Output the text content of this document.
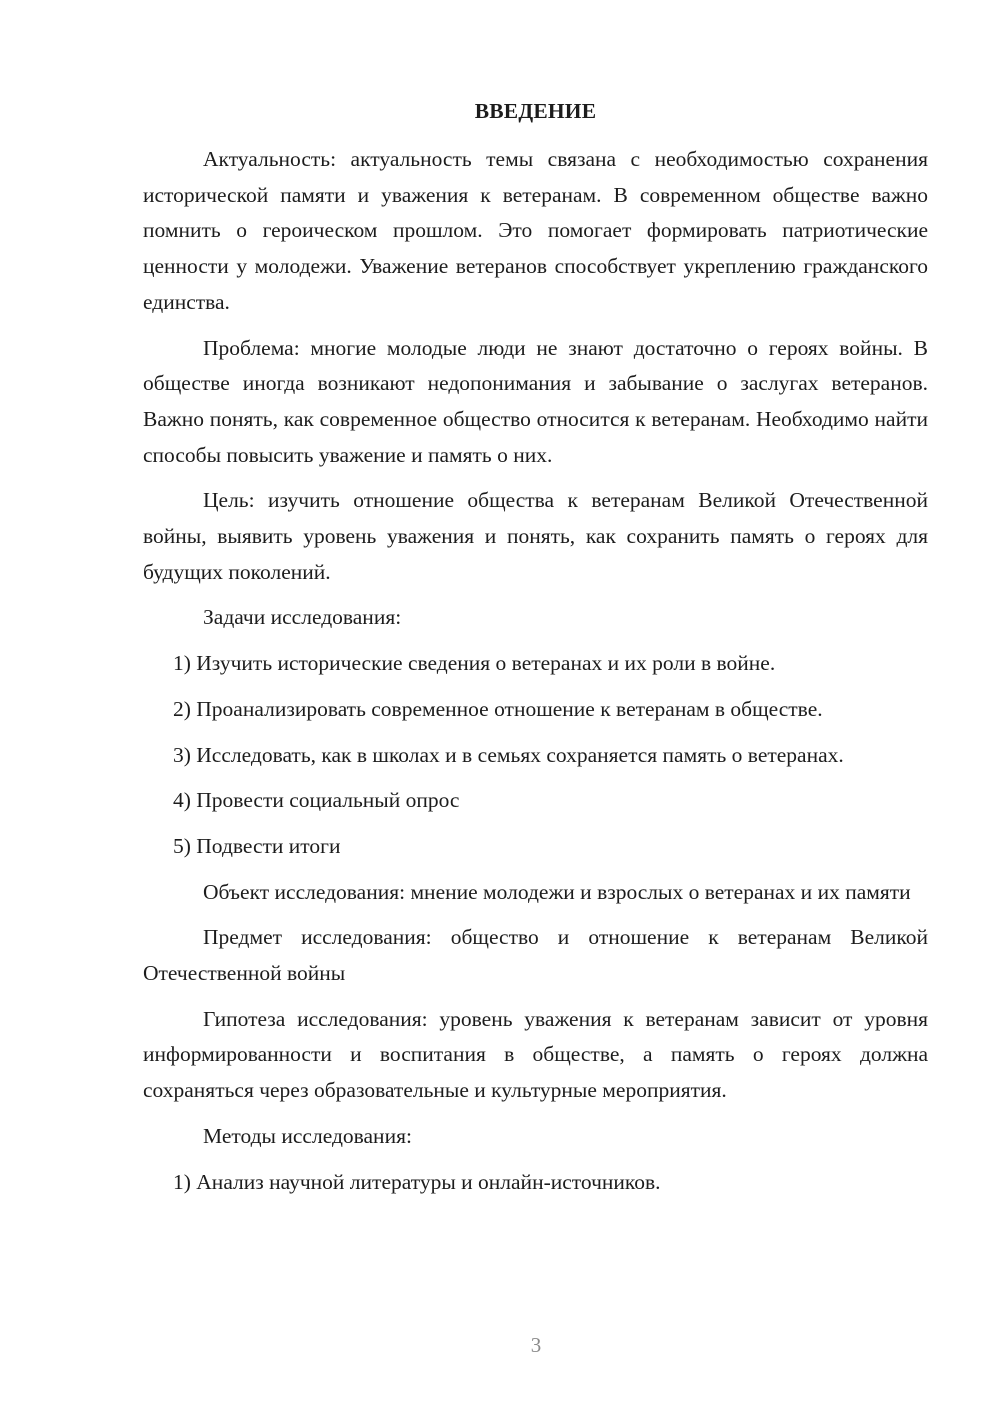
ВВЕДЕНИЕ

Актуальность: актуальность темы связана с необходимостью сохранения исторической памяти и уважения к ветеранам. В современном обществе важно помнить о героическом прошлом. Это помогает формировать патриотические ценности у молодежи. Уважение ветеранов способствует укреплению гражданского единства.

Проблема: многие молодые люди не знают достаточно о героях войны. В обществе иногда возникают недопонимания и забывание о заслугах ветеранов. Важно понять, как современное общество относится к ветеранам. Необходимо найти способы повысить уважение и память о них.

Цель: изучить отношение общества к ветеранам Великой Отечественной войны, выявить уровень уважения и понять, как сохранить память о героях для будущих поколений.

Задачи исследования:

1) Изучить исторические сведения о ветеранах и их роли в войне.

2) Проанализировать современное отношение к ветеранам в обществе.

3) Исследовать, как в школах и в семьях сохраняется память о ветеранах.

4) Провести социальный опрос

5) Подвести итоги

Объект исследования: мнение молодежи и взрослых о ветеранах и их памяти

Предмет исследования: общество и отношение к ветеранам Великой Отечественной войны

Гипотеза исследования: уровень уважения к ветеранам зависит от уровня информированности и воспитания в обществе, а память о героях должна сохраняться через образовательные и культурные мероприятия.

Методы исследования:

1) Анализ научной литературы и онлайн-источников.

3
